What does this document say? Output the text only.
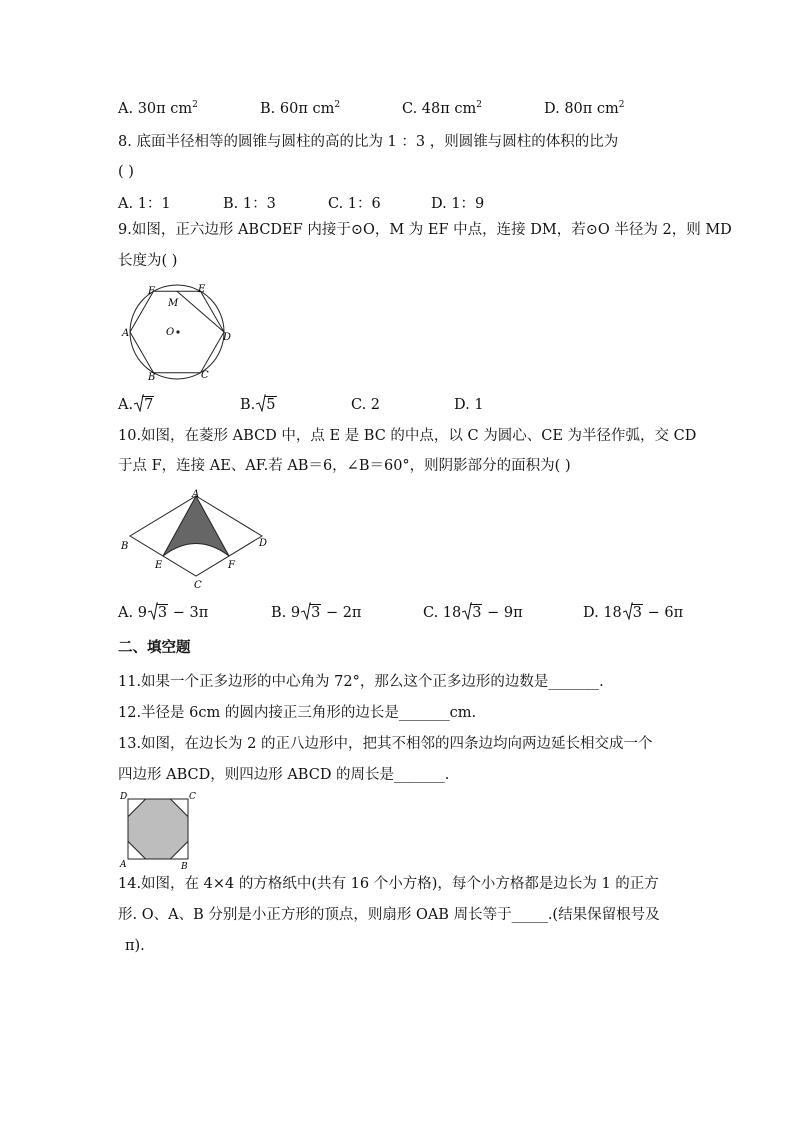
A. 30π $cm^2$	B. 60π $cm^2$	C. 48π $cm^2$	D. 80π $cm^2$
8. 底面半径相等的圆锥与圆柱的高的比为 1 ：3 ，则圆锥与圆柱的体积的比为
( )
A. 1：1	B. 1：3	C. 1：6	D. 1：9
9.如图，正六边形 ABCDEF 内接于⊙O，M 为 EF 中点，连接 DM，若⊙O 半径为 2，则 MD
长度为( )
F	E
M
A	O	D
B	C
A. 7	B. 5	C. 2	D. 1
10.如图，在菱形 ABCD 中，点 E 是 BC 的中点，以 C 为圆心、CE 为半径作弧，交 CD
于点 F，连接 AE、AF.若 AB＝6，∠B＝60°，则阴影部分的面积为( )
A
B	D
E	F
C
A. 9 3 − 3π	B. 9 3 − 2π	C. 18 3 − 9π	D. 18 3 − 6π
二、填空题
11.如果一个正多边形的中心角为 72°，那么这个正多边形的边数是_______.
12.半径是 6cm 的圆内接正三角形的边长是_______cm.
13.如图，在边长为 2 的正八边形中，把其不相邻的四条边均向两边延长相交成一个
四边形 ABCD，则四边形 ABCD 的周长是_______.
D	C
A	B
14.如图，在 4×4 的方格纸中(共有 16 个小方格)，每个小方格都是边长为 1 的正方
形. O、A、B 分别是小正方形的顶点，则扇形 OAB 周长等于_____.(结果保留根号及
π).
